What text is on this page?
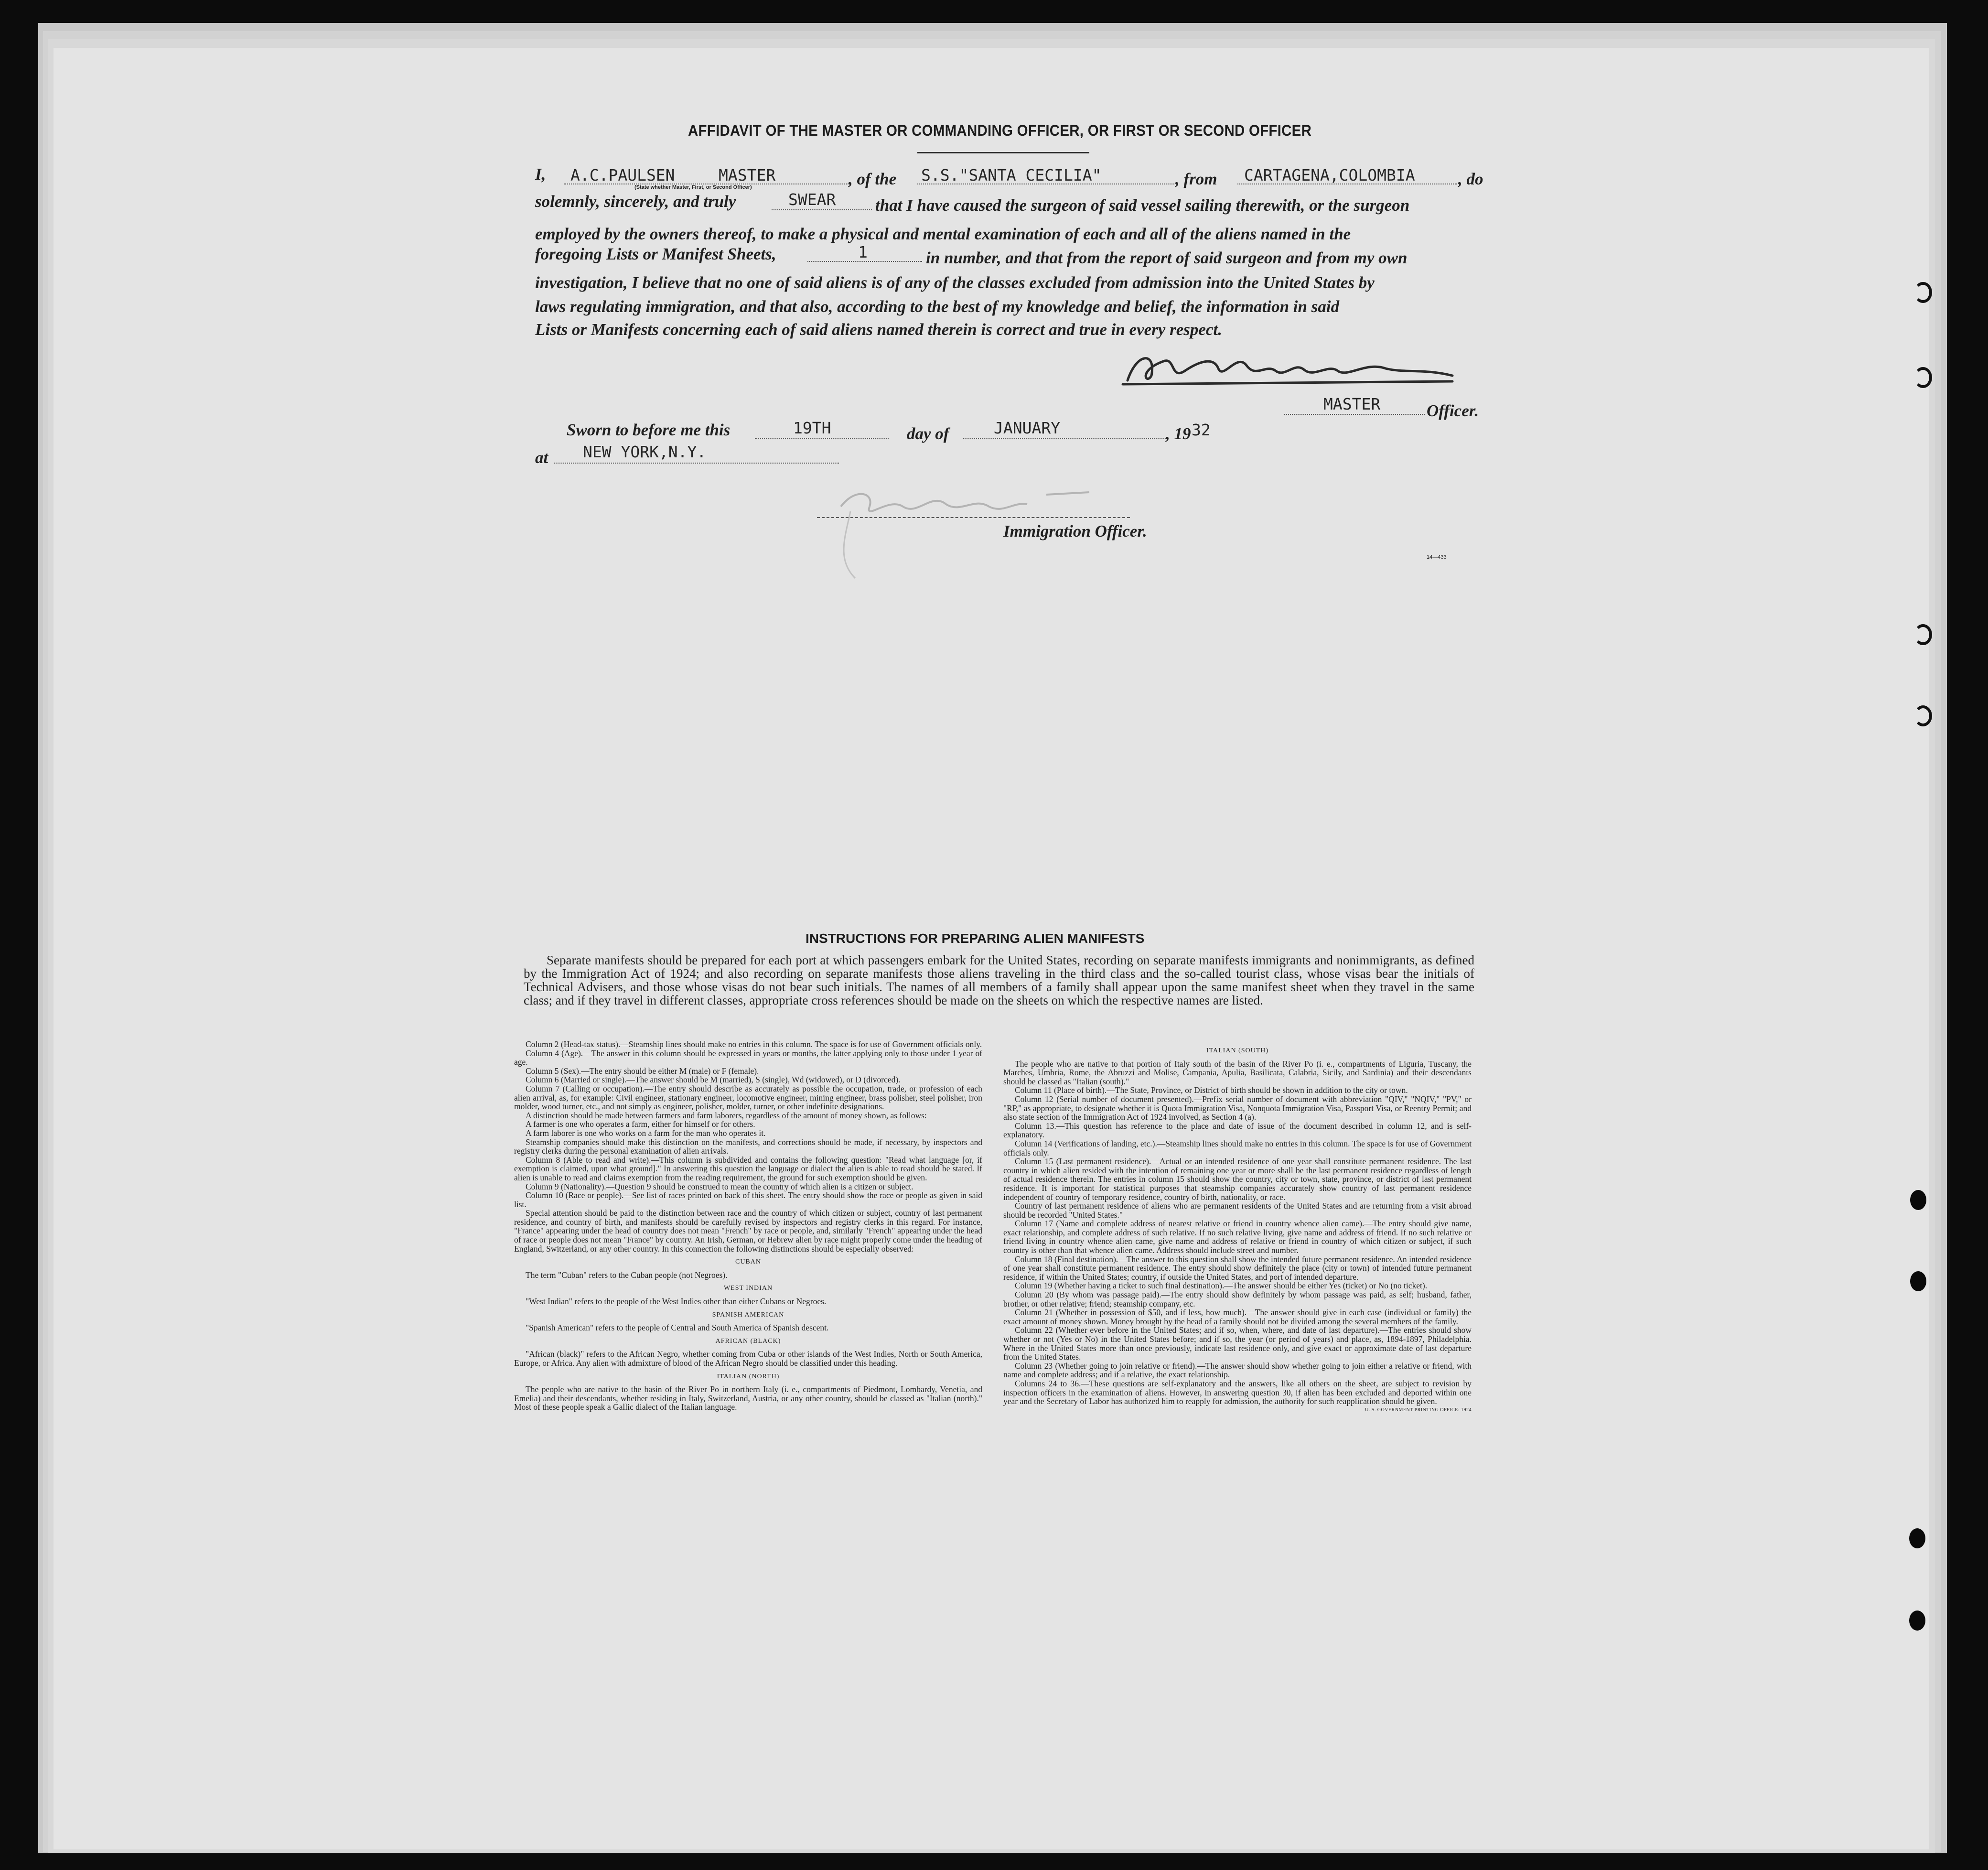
AFFIDAVIT OF THE MASTER OR COMMANDING OFFICER, OR FIRST OR SECOND OFFICER
I, A.C.PAULSEN	MASTER	, of the S.S."SANTA CECILIA"	, from CARTAGENA,COLOMBIA	, do
(State whether Master, First, or Second Officer)
solemnly, sincerely, and truly	SWEAR that I have caused the surgeon of said vessel sailing therewith, or the surgeon
employed by the owners thereof, to make a physical and mental examination of each and all of the aliens named in the
foregoing Lists or Manifest Sheets,	1	in number, and that from the report of said surgeon and from my own
investigation, I believe that no one of said aliens is of any of the classes excluded from admission into the United States by
laws regulating immigration, and that also, according to the best of my knowledge and belief, the information in said
Lists or Manifests concerning each of said aliens named therein is correct and true in every respect.
MASTER	Officer.
Sworn to before me this	19TH	day of	JANUARY	, 19 32
at NEW YORK,N.Y.
Immigration Officer.
14—433
INSTRUCTIONS FOR PREPARING ALIEN MANIFESTS
Separate manifests should be prepared for each port at which passengers embark for the United States, recording on separate manifests immigrants and nonimmigrants, as defined by the Immigration Act of 1924; and also recording on separate manifests those aliens traveling in the third class and the so-called tourist class, whose visas bear the initials of Technical Advisers, and those whose visas do not bear such initials. The names of all members of a family shall appear upon the same manifest sheet when they travel in the same class; and if they travel in different classes, appropriate cross references should be made on the sheets on which the respective names are listed.

Column 2 (Head-tax status).—Steamship lines should make no entries in this column. The space is for use of Government officials only.

Column 4 (Age).—The answer in this column should be expressed in years or months, the latter applying only to those under 1 year of age.

Column 5 (Sex).—The entry should be either M (male) or F (female).

Column 6 (Married or single).—The answer should be M (married), S (single), Wd (widowed), or D (divorced).

Column 7 (Calling or occupation).—The entry should describe as accurately as possible the occupation, trade, or profession of each alien arrival, as, for example: Civil engineer, stationary engineer, locomotive engineer, mining engineer, brass polisher, steel polisher, iron molder, wood turner, etc., and not simply as engineer, polisher, molder, turner, or other indefinite designations.

A distinction should be made between farmers and farm laborers, regardless of the amount of money shown, as follows:

A farmer is one who operates a farm, either for himself or for others.

A farm laborer is one who works on a farm for the man who operates it.

Steamship companies should make this distinction on the manifests, and corrections should be made, if necessary, by inspectors and registry clerks during the personal examination of alien arrivals.

Column 8 (Able to read and write).—This column is subdivided and contains the following question: "Read what language [or, if exemption is claimed, upon what ground]." In answering this question the language or dialect the alien is able to read should be stated. If alien is unable to read and claims exemption from the reading requirement, the ground for such exemption should be given.

Column 9 (Nationality).—Question 9 should be construed to mean the country of which alien is a citizen or subject.

Column 10 (Race or people).—See list of races printed on back of this sheet. The entry should show the race or people as given in said list.

Special attention should be paid to the distinction between race and the country of which citizen or subject, country of last permanent residence, and country of birth, and manifests should be carefully revised by inspectors and registry clerks in this regard. For instance, "France" appearing under the head of country does not mean "French" by race or people, and, similarly "French" appearing under the head of race or people does not mean "France" by country. An Irish, German, or Hebrew alien by race might properly come under the heading of England, Switzerland, or any other country. In this connection the following distinctions should be especially observed:

CUBAN

The term "Cuban" refers to the Cuban people (not Negroes).

WEST INDIAN

"West Indian" refers to the people of the West Indies other than either Cubans or Negroes.

SPANISH AMERICAN

"Spanish American" refers to the people of Central and South America of Spanish descent.

AFRICAN (BLACK)

"African (black)" refers to the African Negro, whether coming from Cuba or other islands of the West Indies, North or South America, Europe, or Africa. Any alien with admixture of blood of the African Negro should be classified under this heading.

ITALIAN (NORTH)

The people who are native to the basin of the River Po in northern Italy (i. e., compartments of Piedmont, Lombardy, Venetia, and Emelia) and their descendants, whether residing in Italy, Switzerland, Austria, or any other country, should be classed as "Italian (north)." Most of these people speak a Gallic dialect of the Italian language.

ITALIAN (SOUTH)

The people who are native to that portion of Italy south of the basin of the River Po (i. e., compartments of Liguria, Tuscany, the Marches, Umbria, Rome, the Abruzzi and Molise, Campania, Apulia, Basilicata, Calabria, Sicily, and Sardinia) and their descendants should be classed as "Italian (south)."

Column 11 (Place of birth).—The State, Province, or District of birth should be shown in addition to the city or town.

Column 12 (Serial number of document presented).—Prefix serial number of document with abbreviation "QIV," "NQIV," "PV," or "RP," as appropriate, to designate whether it is Quota Immigration Visa, Nonquota Immigration Visa, Passport Visa, or Reentry Permit; and also state section of the Immigration Act of 1924 involved, as Section 4 (a).

Column 13.—This question has reference to the place and date of issue of the document described in column 12, and is self-explanatory.

Column 14 (Verifications of landing, etc.).—Steamship lines should make no entries in this column. The space is for use of Government officials only.

Column 15 (Last permanent residence).—Actual or an intended residence of one year shall constitute permanent residence. The last country in which alien resided with the intention of remaining one year or more shall be the last permanent residence regardless of length of actual residence therein. The entries in column 15 should show the country, city or town, state, province, or district of last permanent residence. It is important for statistical purposes that steamship companies accurately show country of last permanent residence independent of country of temporary residence, country of birth, nationality, or race.

Country of last permanent residence of aliens who are permanent residents of the United States and are returning from a visit abroad should be recorded "United States."

Column 17 (Name and complete address of nearest relative or friend in country whence alien came).—The entry should give name, exact relationship, and complete address of such relative. If no such relative living, give name and address of friend. If no such relative or friend living in country whence alien came, give name and address of relative or friend in country of which citizen or subject, if such country is other than that whence alien came. Address should include street and number.

Column 18 (Final destination).—The answer to this question shall show the intended future permanent residence. An intended residence of one year shall constitute permanent residence. The entry should show definitely the place (city or town) of intended future permanent residence, if within the United States; country, if outside the United States, and port of intended departure.

Column 19 (Whether having a ticket to such final destination).—The answer should be either Yes (ticket) or No (no ticket).

Column 20 (By whom was passage paid).—The entry should show definitely by whom passage was paid, as self; husband, father, brother, or other relative; friend; steamship company, etc.

Column 21 (Whether in possession of $50, and if less, how much).—The answer should give in each case (individual or family) the exact amount of money shown. Money brought by the head of a family should not be divided among the several members of the family.

Column 22 (Whether ever before in the United States; and if so, when, where, and date of last departure).—The entries should show whether or not (Yes or No) in the United States before; and if so, the year (or period of years) and place, as, 1894-1897, Philadelphia. Where in the United States more than once previously, indicate last residence only, and give exact or approximate date of last departure from the United States.

Column 23 (Whether going to join relative or friend).—The answer should show whether going to join either a relative or friend, with name and complete address; and if a relative, the exact relationship.

Columns 24 to 36.—These questions are self-explanatory and the answers, like all others on the sheet, are subject to revision by inspection officers in the examination of aliens. However, in answering question 30, if alien has been excluded and deported within one year and the Secretary of Labor has authorized him to reapply for admission, the authority for such reapplication should be given.

U. S. GOVERNMENT PRINTING OFFICE: 1924
